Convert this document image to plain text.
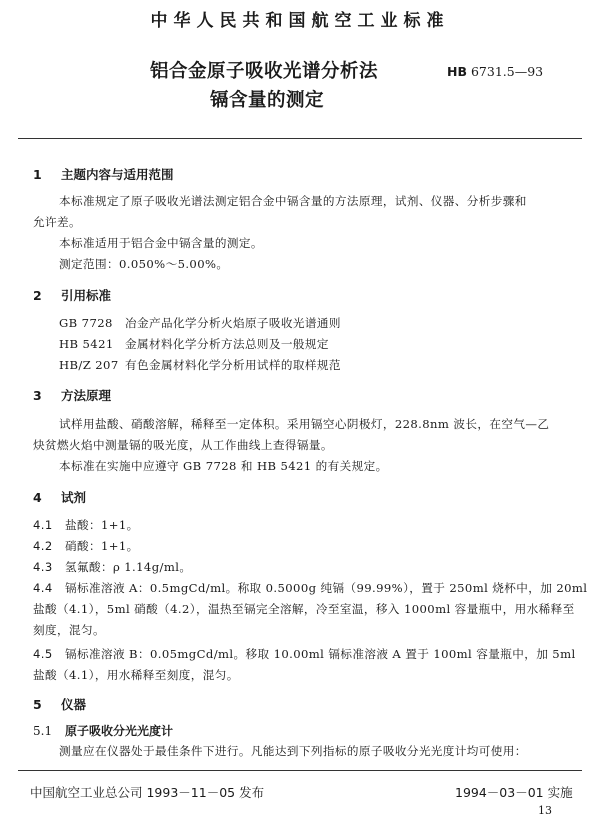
中华人民共和国航空工业标准
铝合金原子吸收光谱分析法
镉含量的测定
HB 6731.5—93
1 主题内容与适用范围
本标准规定了原子吸收光谱法测定铝合金中镉含量的方法原理，试剂、仪器、分析步骤和
允许差。
本标准适用于铝合金中镉含量的测定。
测定范围：0.050%～5.00%。
2 引用标准
GB 7728 冶金产品化学分析火焰原子吸收光谱通则
HB 5421 金属材料化学分析方法总则及一般规定
HB/Z 207 有色金属材料化学分析用试样的取样规范
3 方法原理
试样用盐酸、硝酸溶解，稀释至一定体积。采用镉空心阴极灯，228.8nm 波长，在空气—乙
炔贫燃火焰中测量镉的吸光度，从工作曲线上查得镉量。
本标准在实施中应遵守 GB 7728 和 HB 5421 的有关规定。
4 试剂
4.1 盐酸：1+1。
4.2 硝酸：1+1。
4.3 氢氟酸：ρ 1.14g/ml。
4.4 镉标准溶液 A：0.5mgCd/ml。称取 0.5000g 纯镉（99.99%），置于 250ml 烧杯中，加 20ml
盐酸（4.1），5ml 硝酸（4.2），温热至镉完全溶解，冷至室温，移入 1000ml 容量瓶中，用水稀释至
刻度，混匀。
4.5 镉标准溶液 B：0.05mgCd/ml。移取 10.00ml 镉标准溶液 A 置于 100ml 容量瓶中，加 5ml
盐酸（4.1），用水稀释至刻度，混匀。
5 仪器
5.1 原子吸收分光光度计
测量应在仪器处于最佳条件下进行。凡能达到下列指标的原子吸收分光光度计均可使用：
中国航空工业总公司 1993－11－05 发布	1994－03－01 实施
13
